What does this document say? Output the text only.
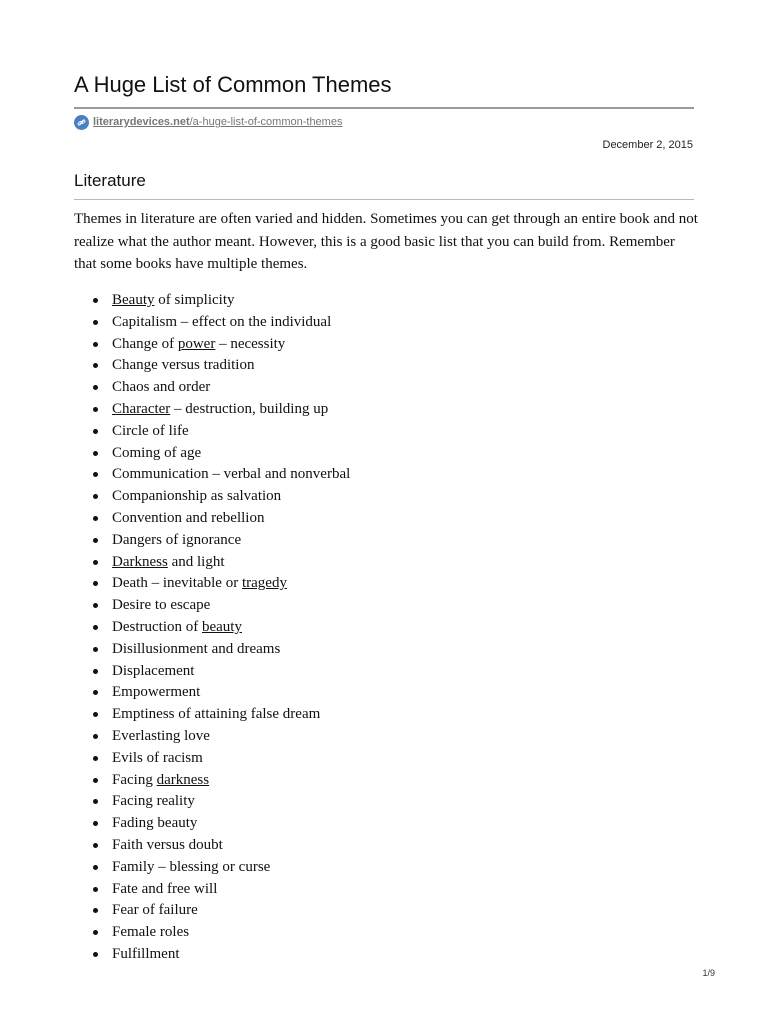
A Huge List of Common Themes
literarydevices.net/a-huge-list-of-common-themes
December 2, 2015
Literature

Themes in literature are often varied and hidden. Sometimes you can get through an entire book and not realize what the author meant. However, this is a good basic list that you can build from. Remember that some books have multiple themes.

Beauty of simplicity
Capitalism – effect on the individual
Change of power – necessity
Change versus tradition
Chaos and order
Character – destruction, building up
Circle of life
Coming of age
Communication – verbal and nonverbal
Companionship as salvation
Convention and rebellion
Dangers of ignorance
Darkness and light
Death – inevitable or tragedy
Desire to escape
Destruction of beauty
Disillusionment and dreams
Displacement
Empowerment
Emptiness of attaining false dream
Everlasting love
Evils of racism
Facing darkness
Facing reality
Fading beauty
Faith versus doubt
Family – blessing or curse
Fate and free will
Fear of failure
Female roles
Fulfillment
1/9
